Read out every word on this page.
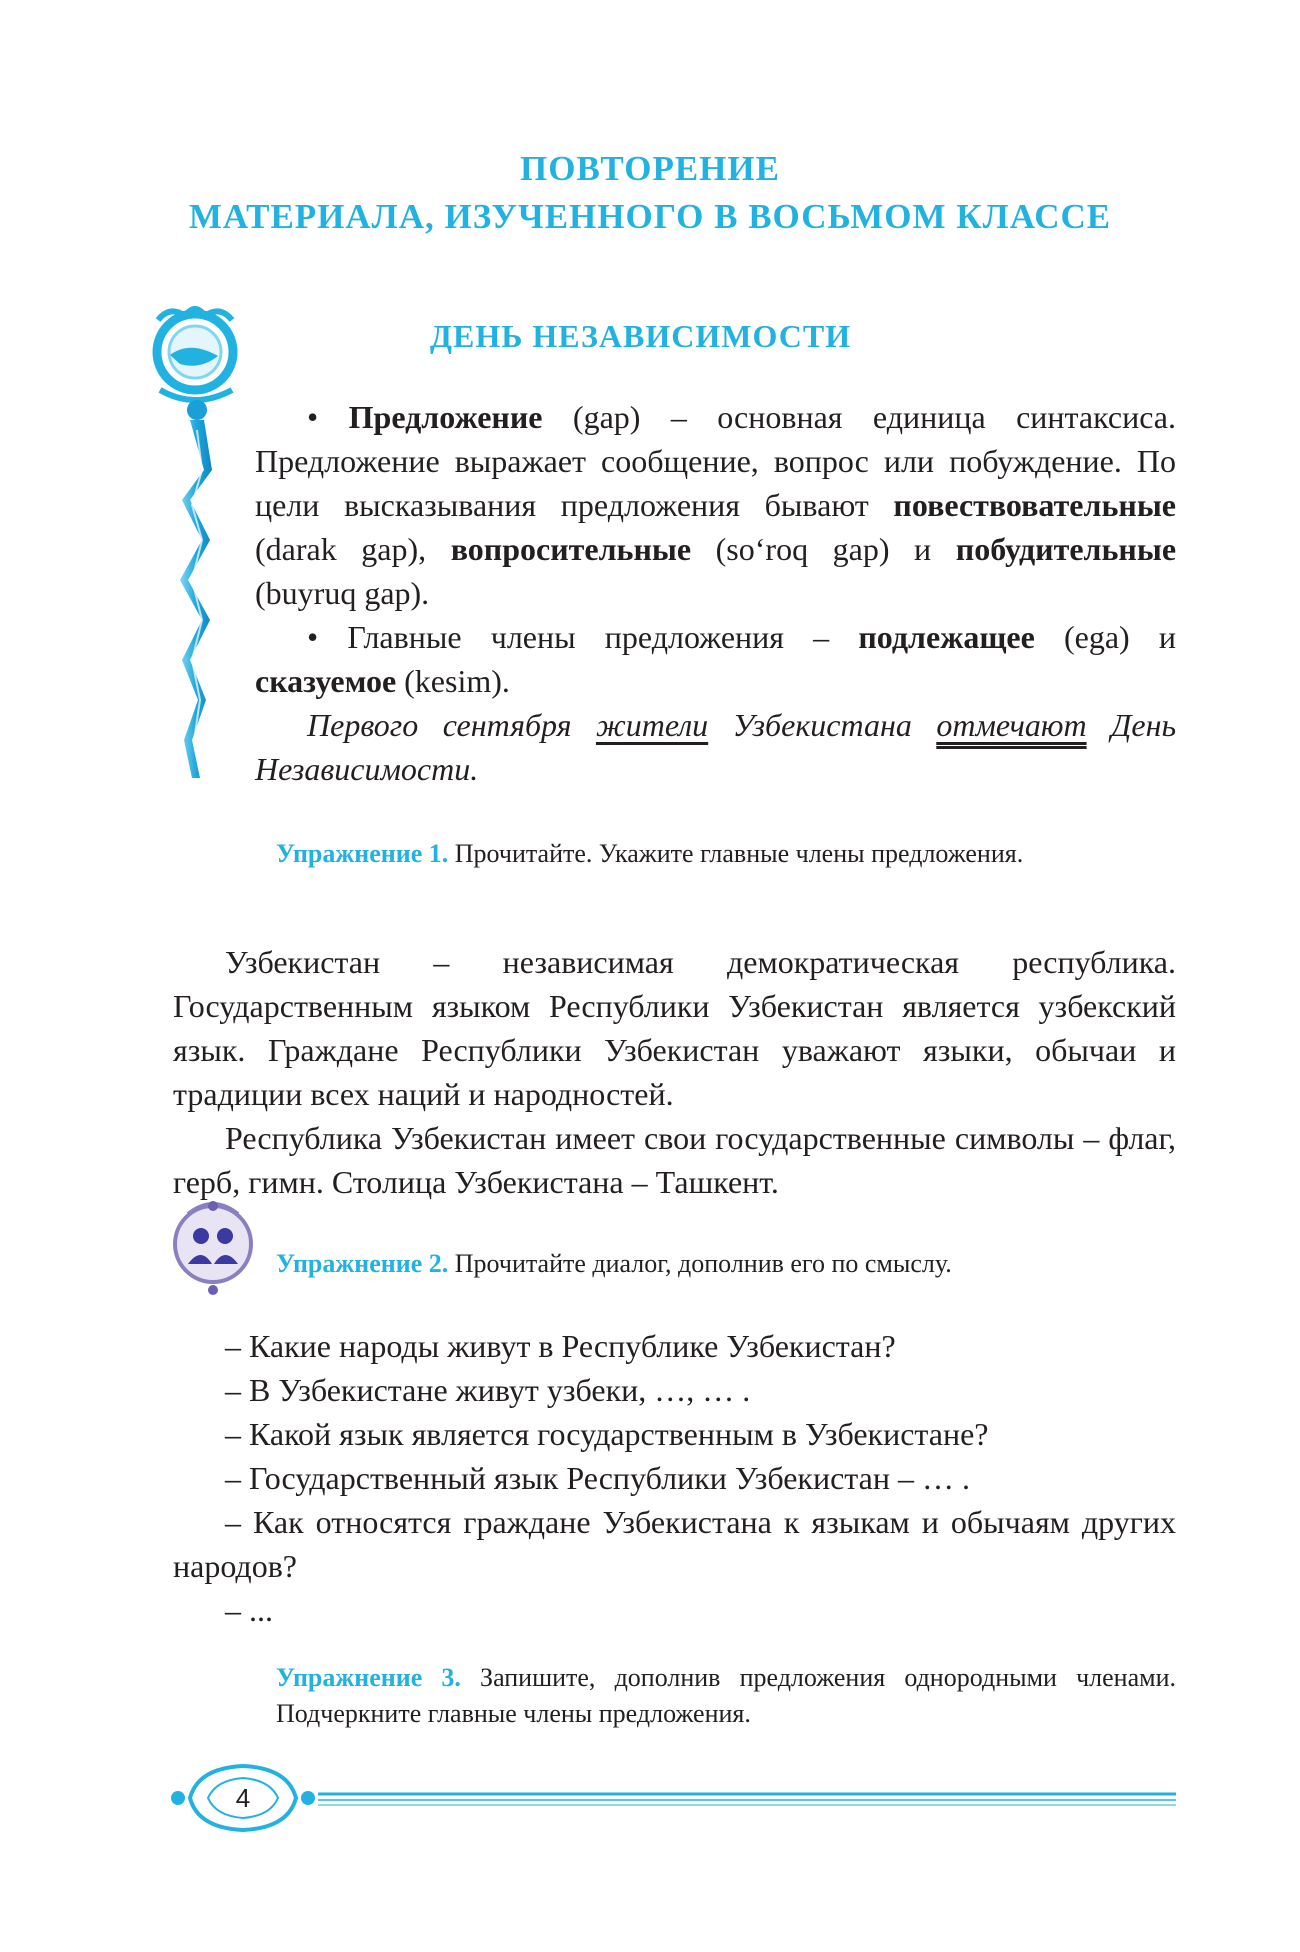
ПОВТОРЕНИЕ
МАТЕРИАЛА, ИЗУЧЕННОГО В ВОСЬМОМ КЛАССЕ
ДЕНЬ НЕЗАВИСИМОСТИ

• Предложение (gap) – основная единица синтаксиса. Предложение выражает сообщение, вопрос или побуждение. По цели высказывания предложения бывают повествовательные (darak gap), вопросительные (so‘roq gap) и побудительные (buyruq gap).

• Главные члены предложения – подлежащее (ega) и сказуемое (kesim).

Первого сентября жители Узбекистана отмечают День Независимости.

Упражнение 1. Прочитайте. Укажите главные члены предложения.

Узбекистан – независимая демократическая республика. Государственным языком Республики Узбекистан является узбекский язык. Граждане Республики Узбекистан уважают языки, обычаи и традиции всех наций и народностей.

Республика Узбекистан имеет свои государственные символы – флаг, герб, гимн. Столица Узбекистана – Ташкент.

Упражнение 2. Прочитайте диалог, дополнив его по смыслу.

– Какие народы живут в Республике Узбекистан?

– В Узбекистане живут узбеки, …, … .

– Какой язык является государственным в Узбекистане?

– Государственный язык Республики Узбекистан – … .

– Как относятся граждане Узбекистана к языкам и обычаям других народов?

– ...

Упражнение 3. Запишите, дополнив предложения однородными членами. Подчеркните главные члены предложения.

4
